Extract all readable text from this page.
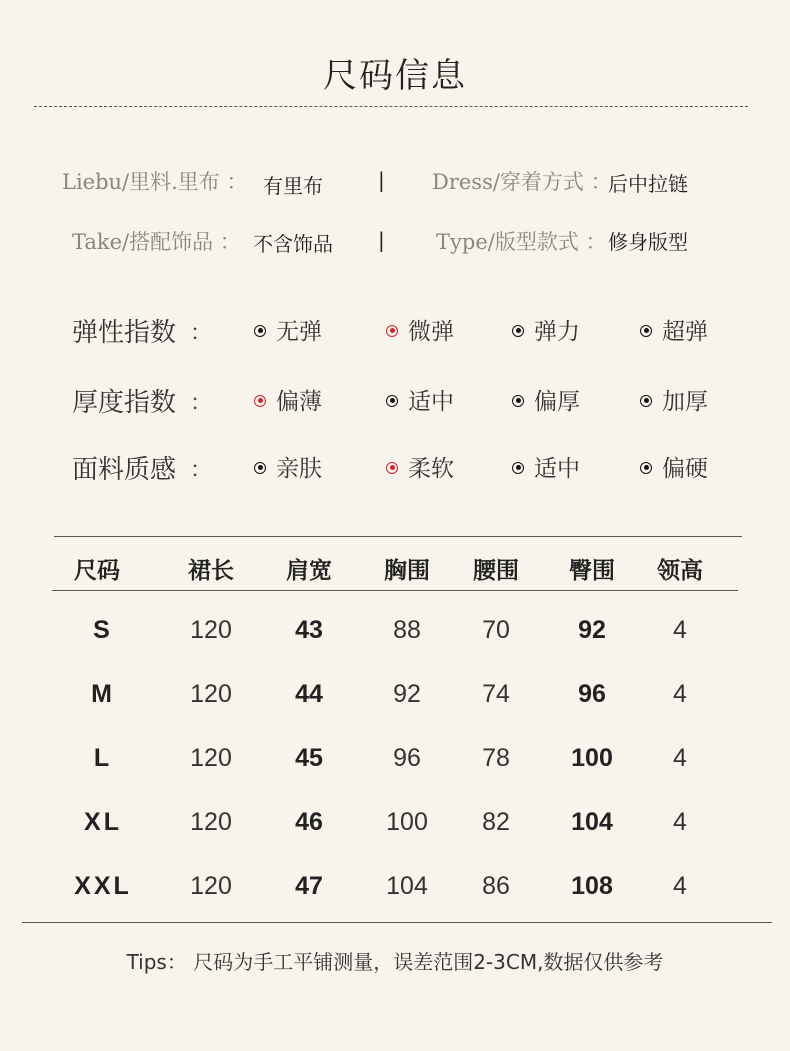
尺码信息
Liebu/里料.里布 ： 有里布	| Dress/穿着方式 ：
后中拉链
Take/搭配饰品 ： 不含饰品 | Type/版型款式 ： 修身版型
弹性指数 ：	无弹	微弹	弹力	超弹
厚度指数 ：	偏薄	适中	偏厚	加厚
面料质感 ：	亲肤	柔软	适中	偏硬
尺码	裙长	肩宽	胸围	腰围	臀围	领高
S	120	43	88	70	92	4
M	120	44	92	74	96	4
L	120	45	96	78	100	4
XL	120	46	100	82	104	4
XXL	120	47	104	86	108	4
Tips： 尺码为手工平铺测量，误差范围2-3CM,数据仅供参考
